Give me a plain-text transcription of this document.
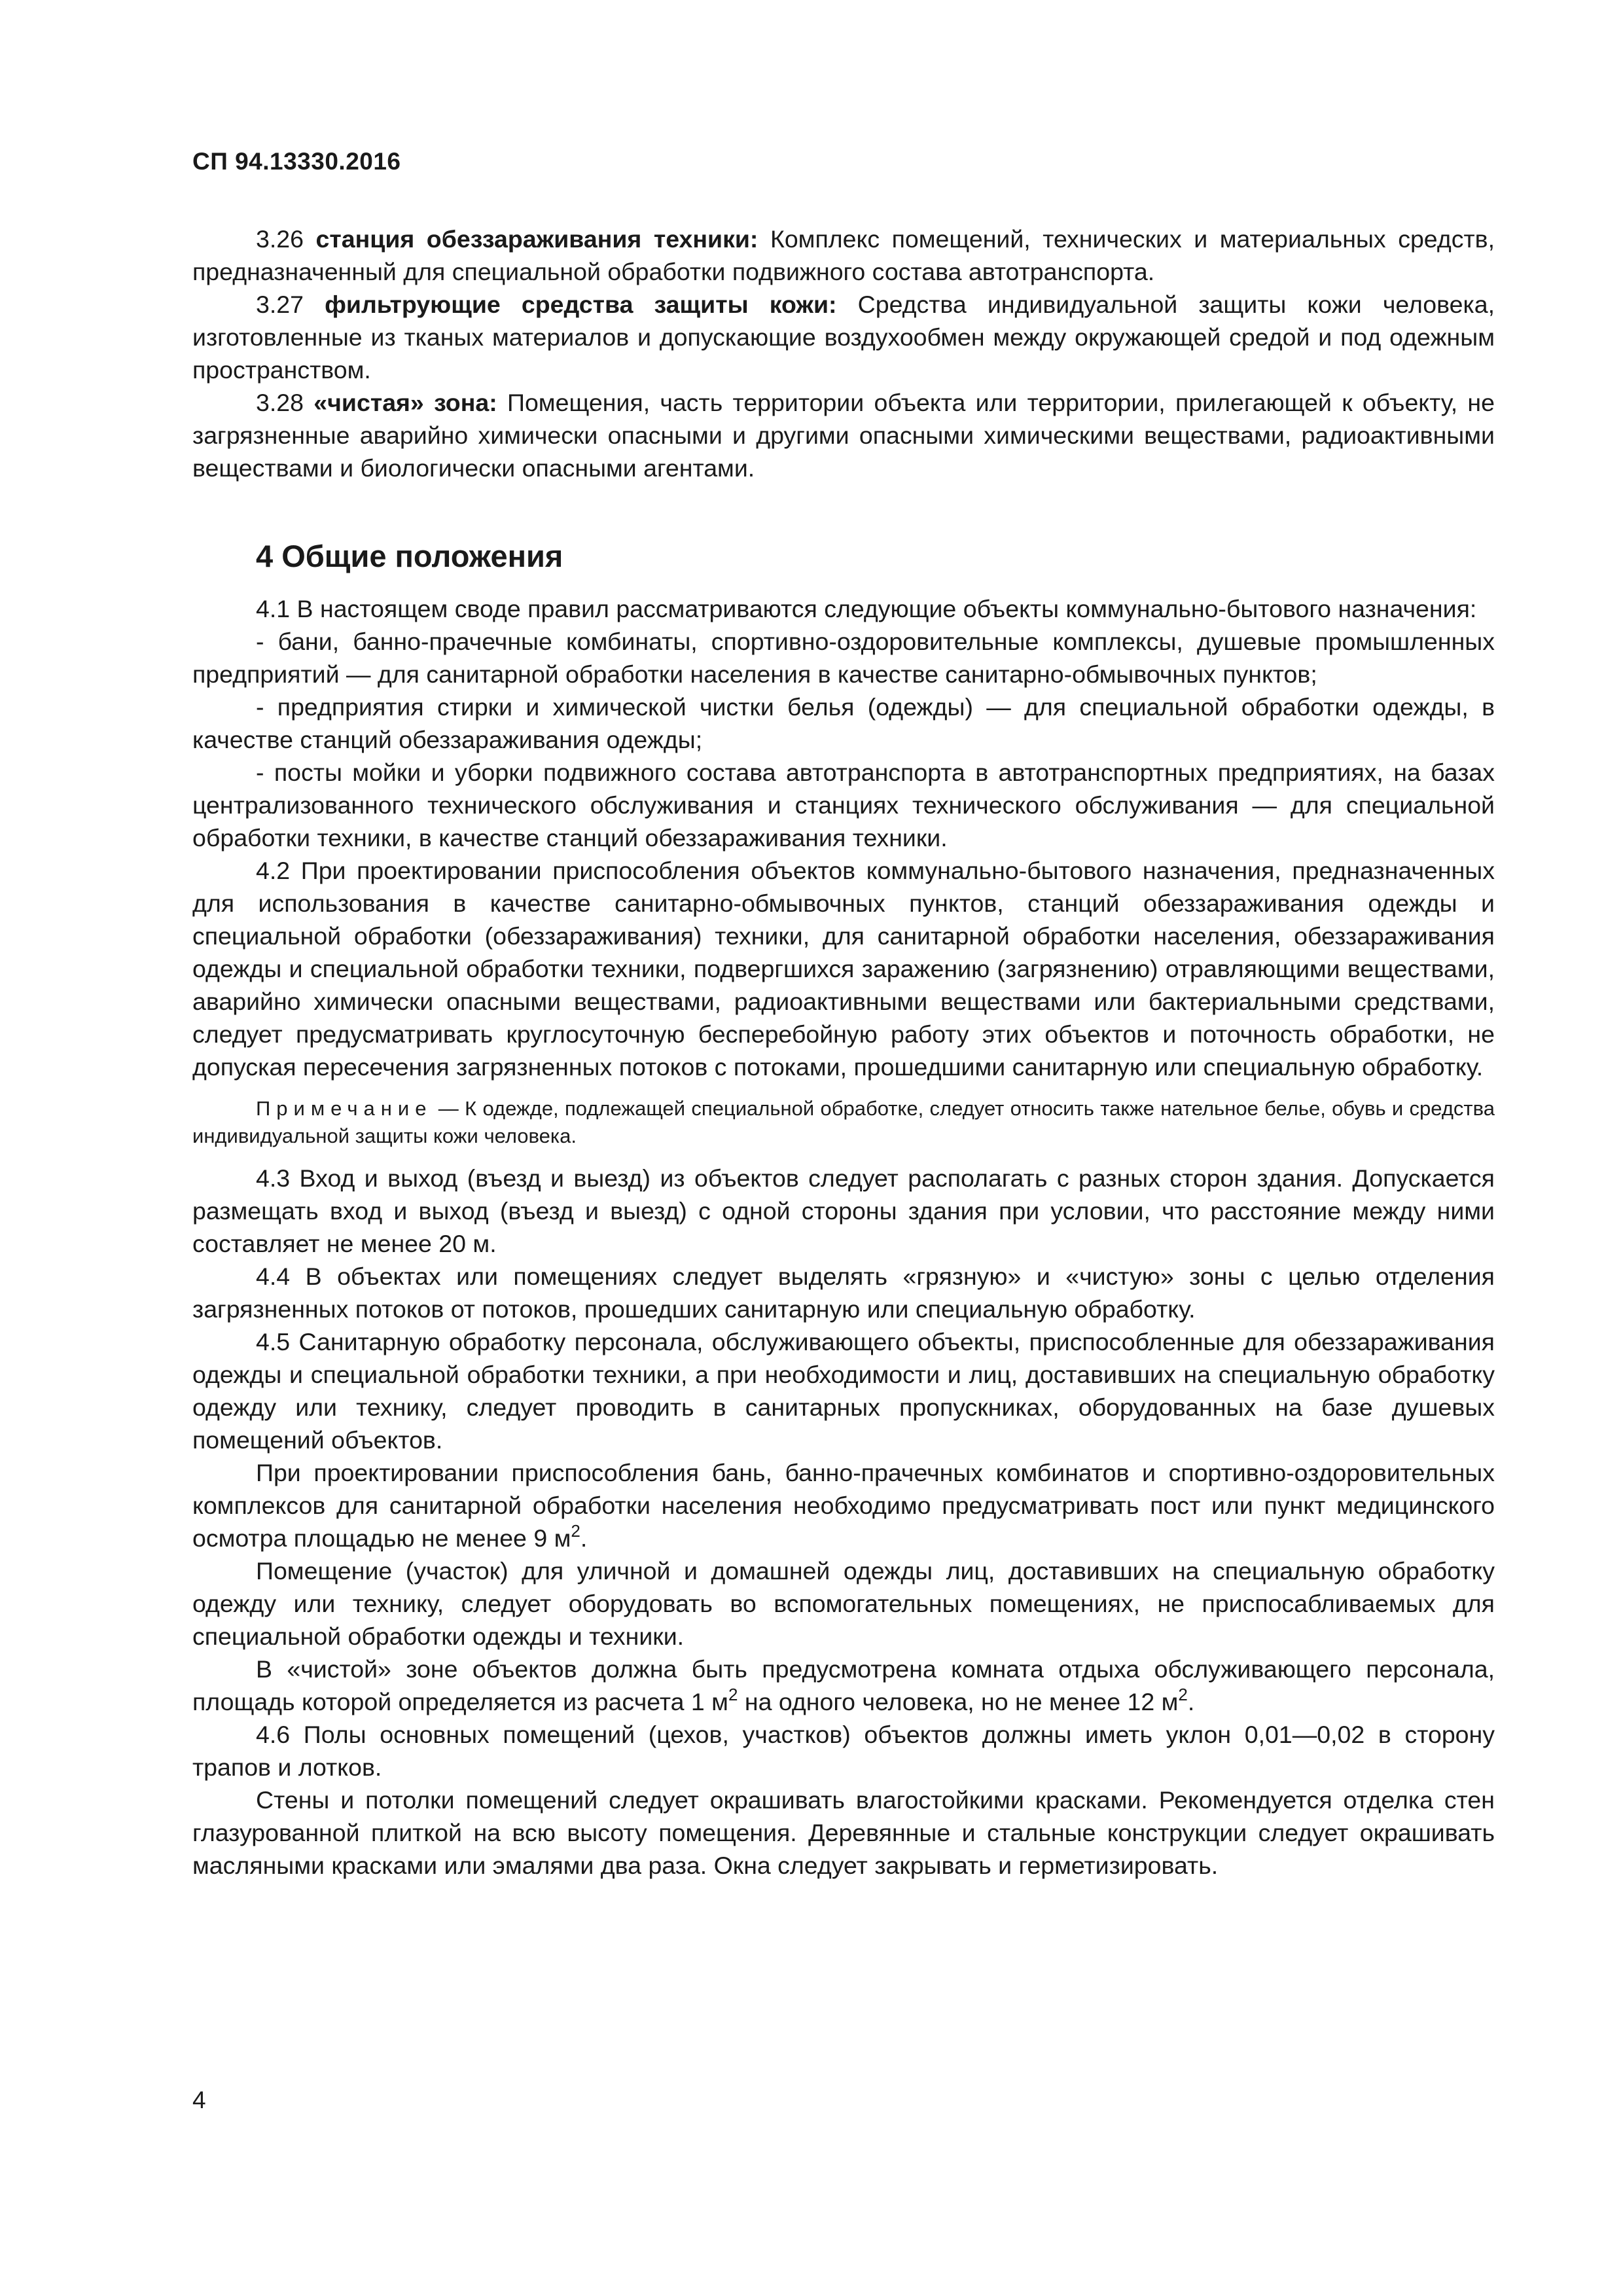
СП 94.13330.2016

3.26 станция обеззараживания техники: Комплекс помещений, технических и материальных средств, предназначенный для специальной обработки подвижного состава автотранспорта.

3.27 фильтрующие средства защиты кожи: Средства индивидуальной защиты кожи человека, изготовленные из тканых материалов и допускающие воздухообмен между окружающей средой и под одежным пространством.

3.28 «чистая» зона: Помещения, часть территории объекта или территории, прилегающей к объекту, не загрязненные аварийно химически опасными и другими опасными химическими веществами, радиоактивными веществами и биологически опасными агентами.

4 Общие положения

4.1 В настоящем своде правил рассматриваются следующие объекты коммунально-бытового назначения:

- бани, банно-прачечные комбинаты, спортивно-оздоровительные комплексы, душевые промышленных предприятий — для санитарной обработки населения в качестве санитарно-обмывочных пунктов;

- предприятия стирки и химической чистки белья (одежды) — для специальной обработки одежды, в качестве станций обеззараживания одежды;

- посты мойки и уборки подвижного состава автотранспорта в автотранспортных предприятиях, на базах централизованного технического обслуживания и станциях технического обслуживания — для специальной обработки техники, в качестве станций обеззараживания техники.

4.2 При проектировании приспособления объектов коммунально-бытового назначения, предназначенных для использования в качестве санитарно-обмывочных пунктов, станций обеззараживания одежды и специальной обработки (обеззараживания) техники, для санитарной обработки населения, обеззараживания одежды и специальной обработки техники, подвергшихся заражению (загрязнению) отравляющими веществами, аварийно химически опасными веществами, радиоактивными веществами или бактериальными средствами, следует предусматривать круглосуточную бесперебойную работу этих объектов и поточность обработки, не допуская пересечения загрязненных потоков с потоками, прошедшими санитарную или специальную обработку.

Примечание — К одежде, подлежащей специальной обработке, следует относить также нательное белье, обувь и средства индивидуальной защиты кожи человека.

4.3 Вход и выход (въезд и выезд) из объектов следует располагать с разных сторон здания. Допускается размещать вход и выход (въезд и выезд) с одной стороны здания при условии, что расстояние между ними составляет не менее 20 м.

4.4 В объектах или помещениях следует выделять «грязную» и «чистую» зоны с целью отделения загрязненных потоков от потоков, прошедших санитарную или специальную обработку.

4.5 Санитарную обработку персонала, обслуживающего объекты, приспособленные для обеззараживания одежды и специальной обработки техники, а при необходимости и лиц, доставивших на специальную обработку одежду или технику, следует проводить в санитарных пропускниках, оборудованных на базе душевых помещений объектов.

При проектировании приспособления бань, банно-прачечных комбинатов и спортивно-оздоровительных комплексов для санитарной обработки населения необходимо предусматривать пост или пункт медицинского осмотра площадью не менее 9 $м^2$.

Помещение (участок) для уличной и домашней одежды лиц, доставивших на специальную обработку одежду или технику, следует оборудовать во вспомогательных помещениях, не приспосабливаемых для специальной обработки одежды и техники.

В «чистой» зоне объектов должна быть предусмотрена комната отдыха обслуживающего персонала, площадь которой определяется из расчета 1 $м^2$ на одного человека, но не менее 12 $м^2$.

4.6 Полы основных помещений (цехов, участков) объектов должны иметь уклон 0,01—0,02 в сторону трапов и лотков.

Стены и потолки помещений следует окрашивать влагостойкими красками. Рекомендуется отделка стен глазурованной плиткой на всю высоту помещения. Деревянные и стальные конструкции следует окрашивать масляными красками или эмалями два раза. Окна следует закрывать и герметизировать.

4
